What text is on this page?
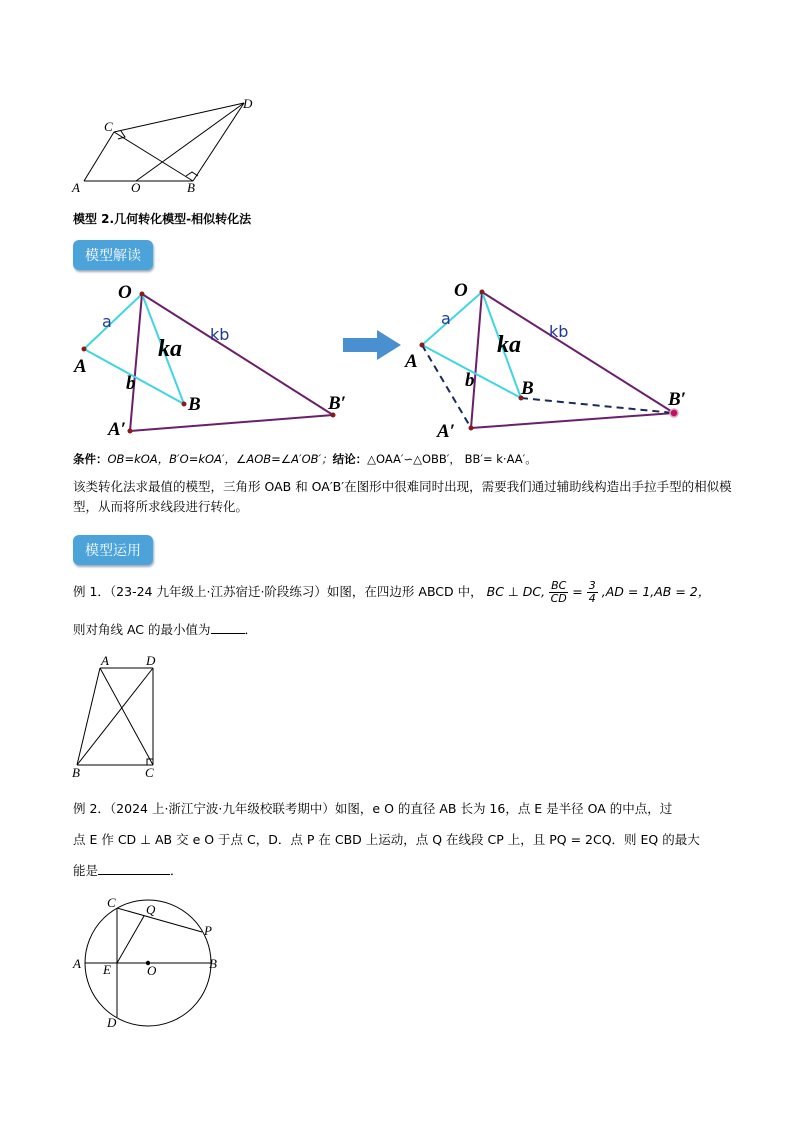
C
D
A	O	B
模型 2.几何转化模型-相似转化法
模型解读
O
A
B
A′
B′
b
ka
a
kb
O
A
B
A′
B′
b
ka
a
kb
条件：OB=kOA，B′O=kOA′，∠AOB=∠A′OB′；结论：△OAA′∽△OBB′， BB′= k·AA′。
该类转化法求最值的模型，三角形 OAB 和 OA′B′在图形中很难同时出现，需要我们通过辅助线构造出手拉手型的相似模型，从而将所求线段进行转化。
模型运用
例 1．（23-24 九年级上·江苏宿迁·阶段练习）如图，在四边形 ABCD 中， BC ⊥ DC, $\frac{BC}{CD} = \frac{3}{4} ,AD = 1,AB = 2$，
则对角线 AC 的最小值为	．
A	D
B	C
例 2．（2024 上·浙江宁波·九年级校联考期中）如图，e O 的直径 AB 长为 16，点 E 是半径 OA 的中点，过
点 E 作 CD ⊥ AB 交 e O 于点 C，D．点 P 在 CBD 上运动，点 Q 在线段 CP 上，且 PQ = 2CQ．则 EQ 的最大
能是	．
C Q
P
A E	O	B
D
